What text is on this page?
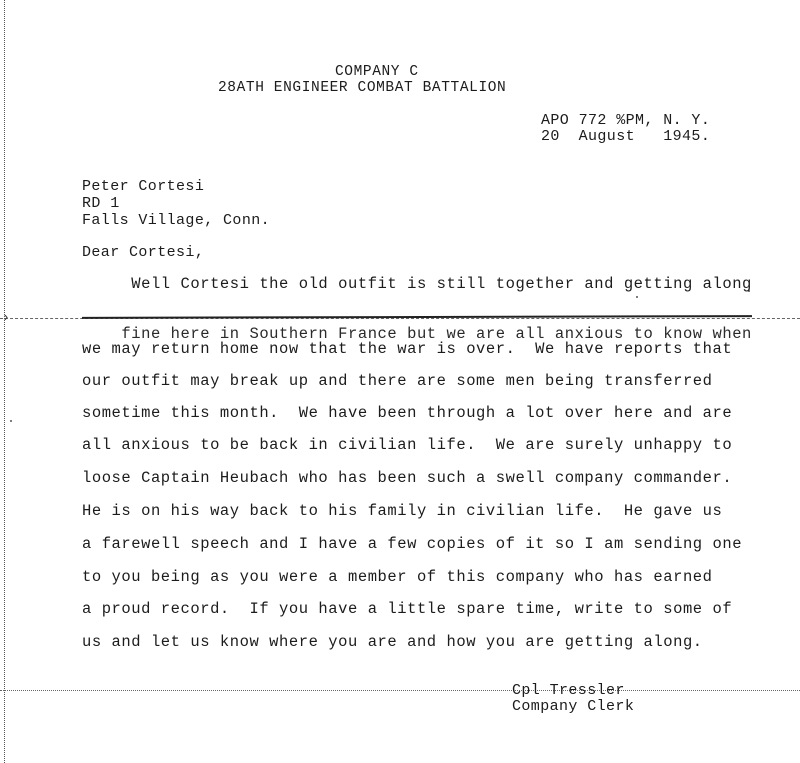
›
COMPANY C
28ATH ENGINEER COMBAT BATTALION
APO 772 %PM, N. Y.
20  August   1945.
Peter Cortesi
RD 1
Falls Village, Conn.
Dear Cortesi,
Well Cortesi the old outfit is still together and getting along

fine here in Southern France but we are all anxious to know when

we may return home now that the war is over.  We have reports that
our outfit may break up and there are some men being transferred
sometime this month.  We have been through a lot over here and are
all anxious to be back in civilian life.  We are surely unhappy to
loose Captain Heubach who has been such a swell company commander.
He is on his way back to his family in civilian life.  He gave us
a farewell speech and I have a few copies of it so I am sending one
to you being as you were a member of this company who has earned
a proud record.  If you have a little spare time, write to some of
us and let us know where you are and how you are getting along.
Cpl Tressler
Company Clerk
